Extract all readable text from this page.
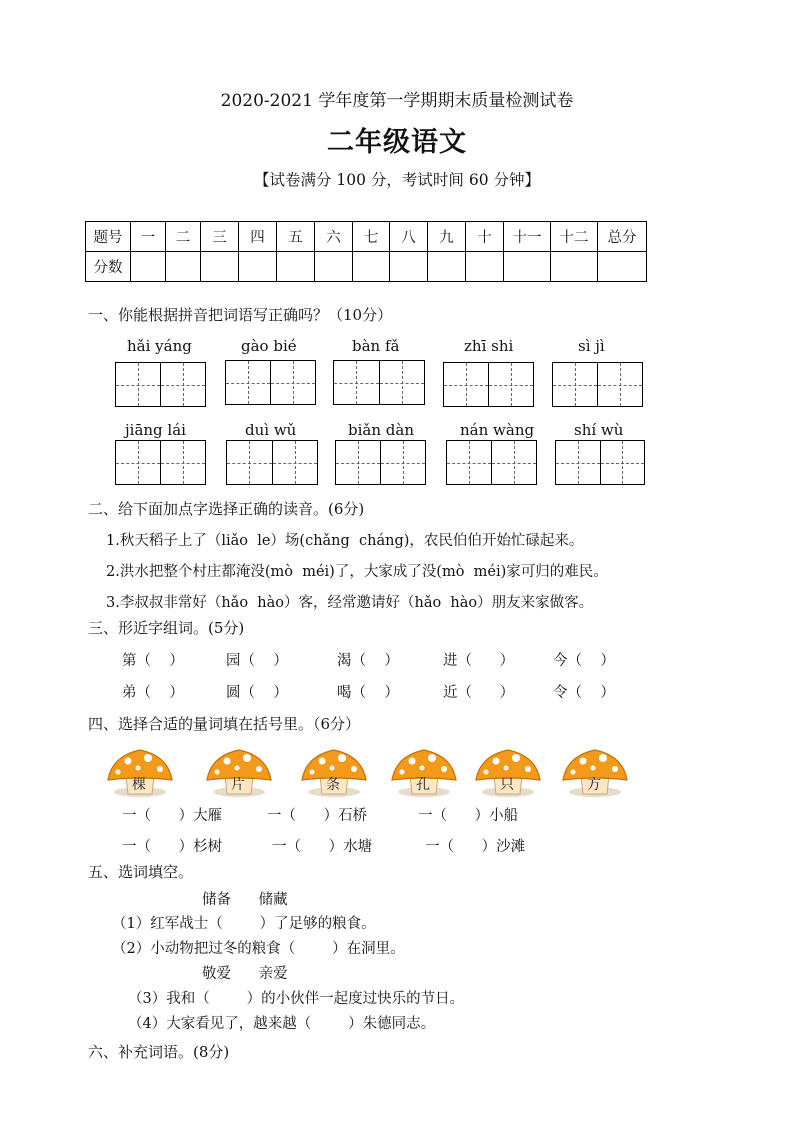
2020-2021 学年度第一学期期末质量检测试卷
二年级语文
【试卷满分 100 分，考试时间 60 分钟】
题号	一	二	三	四	五	六	七	八	九	十	十一	十二	总分
分数													
一、你能根据拼音把词语写正确吗？（10分）
hǎi yáng	gào bié	bàn fǎ	zhī shi	sì jì
jiāng lái	duì wǔ	biǎn dàn	nán wàng	shí wù
二、给下面加点字选择正确的读音。(6分)
1.秋天稻子上了（liǎo  le）场(chǎng  cháng)，农民伯伯开始忙碌起来。
2.洪水把整个村庄都淹没(mò  méi)了，大家成了没(mò  méi)家可归的难民。
3.李叔叔非常好（hǎo  hào）客，经常邀请好（hǎo  hào）朋友来家做客。
三、形近字组词。(5分)
第（    ）	园（    ）	渴（    ）	进（      ）	今（    ）
弟（    ）	圆（    ）	喝（    ）	近（      ）	令（    ）
四、选择合适的量词填在括号里。（6分）
棵	片	条	孔	只	方
一（      ）大雁	一（      ）石桥	一（      ）小船
一（      ）杉树	一（      ）水塘	一（      ）沙滩
五、选词填空。
储备      储藏
（1）红军战士（        ）了足够的粮食。
（2）小动物把过冬的粮食（        ）在洞里。
敬爱      亲爱
（3）我和（        ）的小伙伴一起度过快乐的节日。
（4）大家看见了，越来越（        ）朱德同志。
六、补充词语。(8分)
